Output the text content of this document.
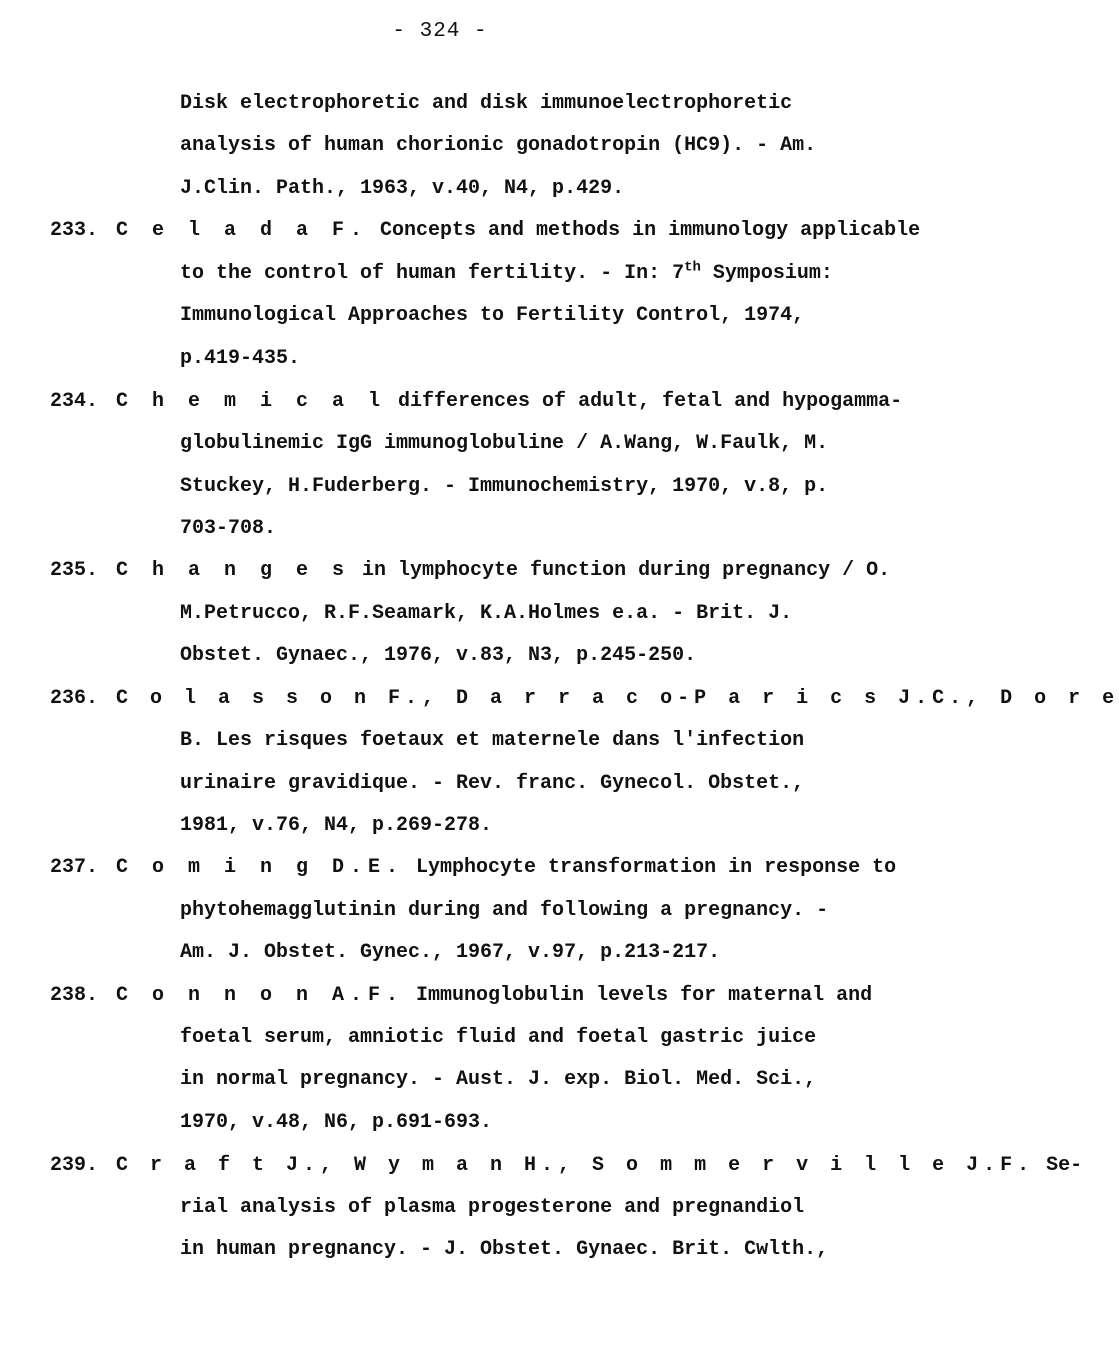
- 324 -
Disk electrophoretic and disk immunoelectrophoretic
analysis of human chorionic gonadotropin (HC9). - Am.
J.Clin. Path., 1963, v.40, N4, p.429.
233. C e l a d a F. Concepts and methods in immunology applicable
to the control of human fertility. - In: 7th Symposium:
Immunological Approaches to Fertility Control, 1974,
p.419-435.
234. C h e m i c a l differences of adult, fetal and hypogamma-
globulinemic IgG immunoglobuline / A.Wang, W.Faulk, M.
Stuckey, H.Fuderberg. - Immunochemistry, 1970, v.8, p.
703-708.
235. C h a n g e s in lymphocyte function during pregnancy / O.
M.Petrucco, R.F.Seamark, K.A.Holmes e.a. - Brit. J.
Obstet. Gynaec., 1976, v.83, N3, p.245-250.
236. C o l a s s o n F., D a r r a c o-P a r i c s J.C., D o r e
B. Les risques foetaux et maternele dans l'infection
urinaire gravidique. - Rev. franc. Gynecol. Obstet.,
1981, v.76, N4, p.269-278.
237. C o m i n g D.E. Lymphocyte transformation in response to
phytohemagglutinin during and following a pregnancy. -
Am. J. Obstet. Gynec., 1967, v.97, p.213-217.
238. C o n n o n A.F. Immunoglobulin levels for maternal and
foetal serum, amniotic fluid and foetal gastric juice
in normal pregnancy. - Aust. J. exp. Biol. Med. Sci.,
1970, v.48, N6, p.691-693.
239. C r a f t J., W y m a n H., S o m m e r v i l l e J.F. Se-
rial analysis of plasma progesterone and pregnandiol
in human pregnancy. - J. Obstet. Gynaec. Brit. Cwlth.,
